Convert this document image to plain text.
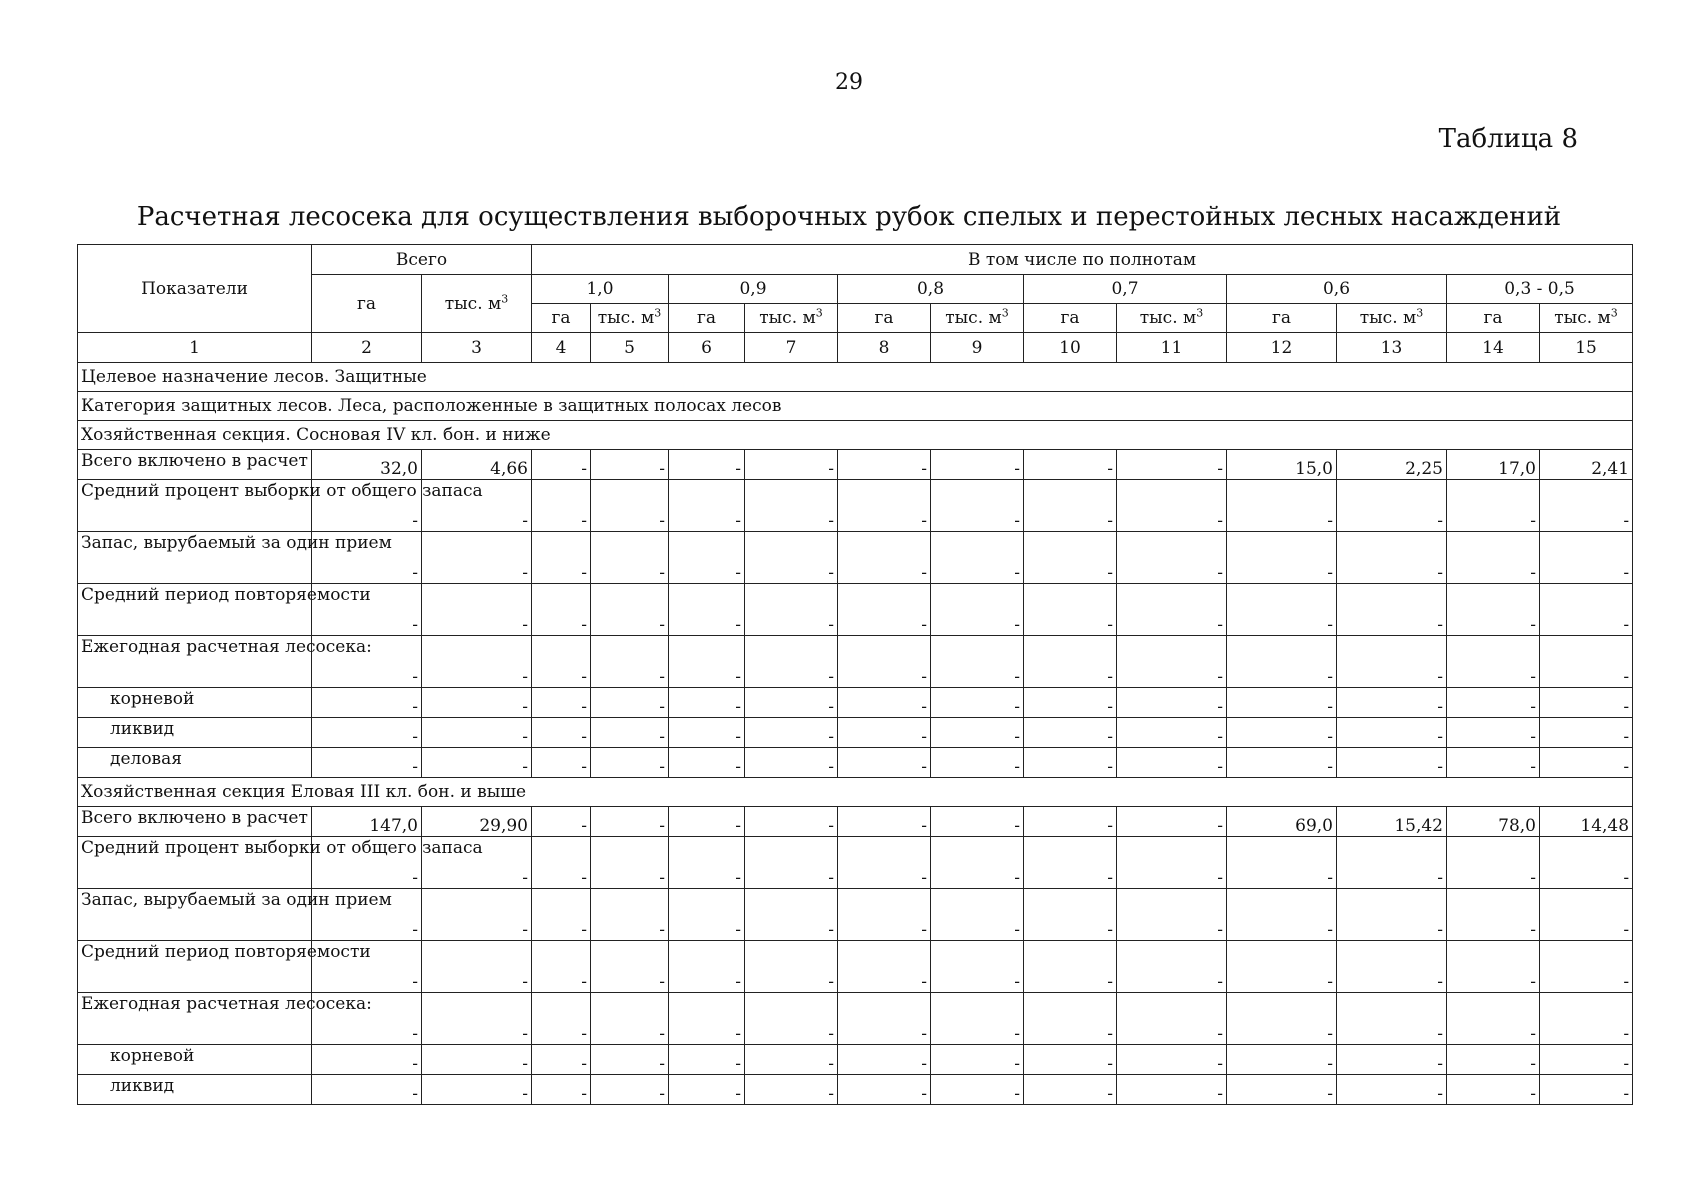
29
Таблица 8
Расчетная лесосека для осуществления выборочных рубок спелых и перестойных лесных насаждений
Показатели	Всего		В том числе по полнотам											
	га	тыс. $м^3$	1,0		0,9		0,8		0,7		0,6		0,3 - 0,5	
			га	тыс. $м^3$	га	тыс. $м^3$	га	тыс. $м^3$	га	тыс. $м^3$	га	тыс. $м^3$	га	тыс. $м^3$
1	2	3	4	5	6	7	8	9	10	11	12	13	14	15
Целевое назначение лесов. Защитные														
Категория защитных лесов. Леса, расположенные в защитных полосах лесов														
Хозяйственная секция. Сосновая IV кл. бон. и ниже														
Всего включено в расчет	32,0	4,66	-	-	-	-	-	-	-	-	15,0	2,25	17,0	2,41
Средний процент выборки от общего запаса	-	-	-	-	-	-	-	-	-	-	-	-	-	-
Запас, вырубаемый за один прием	-	-	-	-	-	-	-	-	-	-	-	-	-	-
Средний период повторяемости	-	-	-	-	-	-	-	-	-	-	-	-	-	-
Ежегодная расчетная лесосека:	-	-	-	-	-	-	-	-	-	-	-	-	-	-
корневой	-	-	-	-	-	-	-	-	-	-	-	-	-	-
ликвид	-	-	-	-	-	-	-	-	-	-	-	-	-	-
деловая	-	-	-	-	-	-	-	-	-	-	-	-	-	-
Хозяйственная секция Еловая III кл. бон. и выше														
Всего включено в расчет	147,0	29,90	-	-	-	-	-	-	-	-	69,0	15,42	78,0	14,48
Средний процент выборки от общего запаса	-	-	-	-	-	-	-	-	-	-	-	-	-	-
Запас, вырубаемый за один прием	-	-	-	-	-	-	-	-	-	-	-	-	-	-
Средний период повторяемости	-	-	-	-	-	-	-	-	-	-	-	-	-	-
Ежегодная расчетная лесосека:	-	-	-	-	-	-	-	-	-	-	-	-	-	-
корневой	-	-	-	-	-	-	-	-	-	-	-	-	-	-
ликвид	-	-	-	-	-	-	-	-	-	-	-	-	-	-
